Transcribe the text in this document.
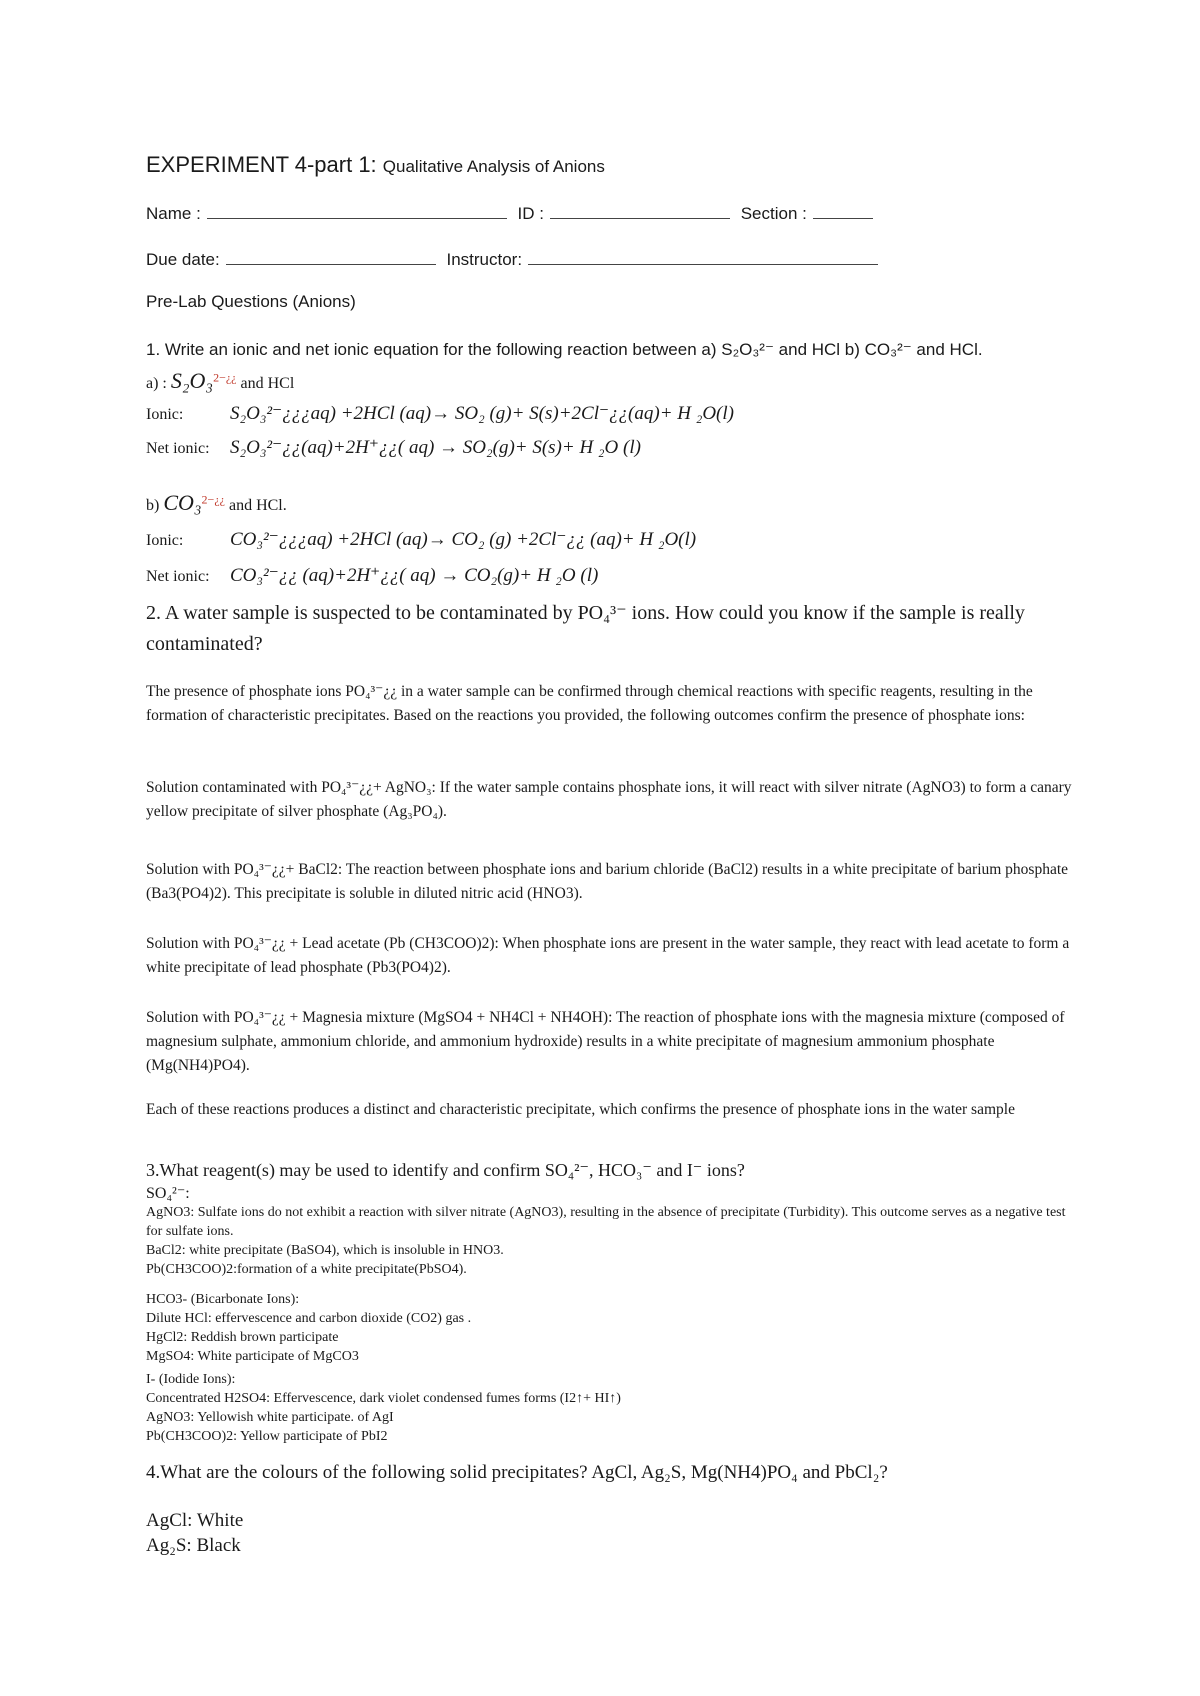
EXPERIMENT 4-part 1: Qualitative Analysis of Anions
Name :	ID :	Section :
Due date:	Instructor:
Pre-Lab Questions (Anions)
1. Write an ionic and net ionic equation for the following reaction between a) S₂O₃²⁻ and HCl b) CO₃²⁻ and HCl.
a) : S₂O₃$^{2-¿¿}$ and HCl
Ionic: S₂O₃²⁻¿¿¿aq) +2HCl (aq)→ SO₂ (g)+ S(s)+2Cl⁻¿¿(aq)+ H ₂O(l)
Net ionic: S₂O₃²⁻¿¿(aq)+2H⁺¿¿( aq) → SO₂(g)+ S(s)+ H ₂O (l)
b) CO₃$^{2-¿¿}$ and HCl.
Ionic: CO₃²⁻¿¿¿aq) +2HCl (aq)→ CO₂ (g) +2Cl⁻¿¿ (aq)+ H ₂O(l)
Net ionic: CO₃²⁻¿¿ (aq)+2H⁺¿¿( aq) → CO₂(g)+ H ₂O (l)
2. A water sample is suspected to be contaminated by PO₄³⁻ ions. How could you know if the sample is really contaminated?
The presence of phosphate ions PO₄³⁻¿¿ in a water sample can be confirmed through chemical reactions with specific reagents, resulting in the formation of characteristic precipitates. Based on the reactions you provided, the following outcomes confirm the presence of phosphate ions:
Solution contaminated with PO₄³⁻¿¿+ AgNO₃: If the water sample contains phosphate ions, it will react with silver nitrate (AgNO3) to form a canary yellow precipitate of silver phosphate (Ag₃PO₄).
Solution with PO₄³⁻¿¿+ BaCl2: The reaction between phosphate ions and barium chloride (BaCl2) results in a white precipitate of barium phosphate (Ba3(PO4)2). This precipitate is soluble in diluted nitric acid (HNO3).
Solution with PO₄³⁻¿¿ + Lead acetate (Pb (CH3COO)2): When phosphate ions are present in the water sample, they react with lead acetate to form a white precipitate of lead phosphate (Pb3(PO4)2).
Solution with PO₄³⁻¿¿ + Magnesia mixture (MgSO4 + NH4Cl + NH4OH): The reaction of phosphate ions with the magnesia mixture (composed of magnesium sulphate, ammonium chloride, and ammonium hydroxide) results in a white precipitate of magnesium ammonium phosphate (Mg(NH4)PO4).
Each of these reactions produces a distinct and characteristic precipitate, which confirms the presence of phosphate ions in the water sample
3.What reagent(s) may be used to identify and confirm SO₄²⁻, HCO₃⁻ and I⁻ ions?
SO₄²⁻:
AgNO3: Sulfate ions do not exhibit a reaction with silver nitrate (AgNO3), resulting in the absence of precipitate (Turbidity). This outcome serves as a negative test for sulfate ions.
BaCl2: white precipitate (BaSO4), which is insoluble in HNO3.
Pb(CH3COO)2:formation of a white precipitate(PbSO4).
HCO3- (Bicarbonate Ions):
Dilute HCl: effervescence and carbon dioxide (CO2) gas .
HgCl2: Reddish brown participate
MgSO4: White participate of MgCO3
I- (Iodide Ions):
Concentrated H2SO4: Effervescence, dark violet condensed fumes forms (I2↑+ HI↑)
AgNO3: Yellowish white participate. of AgI
Pb(CH3COO)2: Yellow participate of PbI2
4.What are the colours of the following solid precipitates? AgCl, Ag₂S, Mg(NH4)PO₄ and PbCl₂?
AgCl: White
Ag₂S: Black
